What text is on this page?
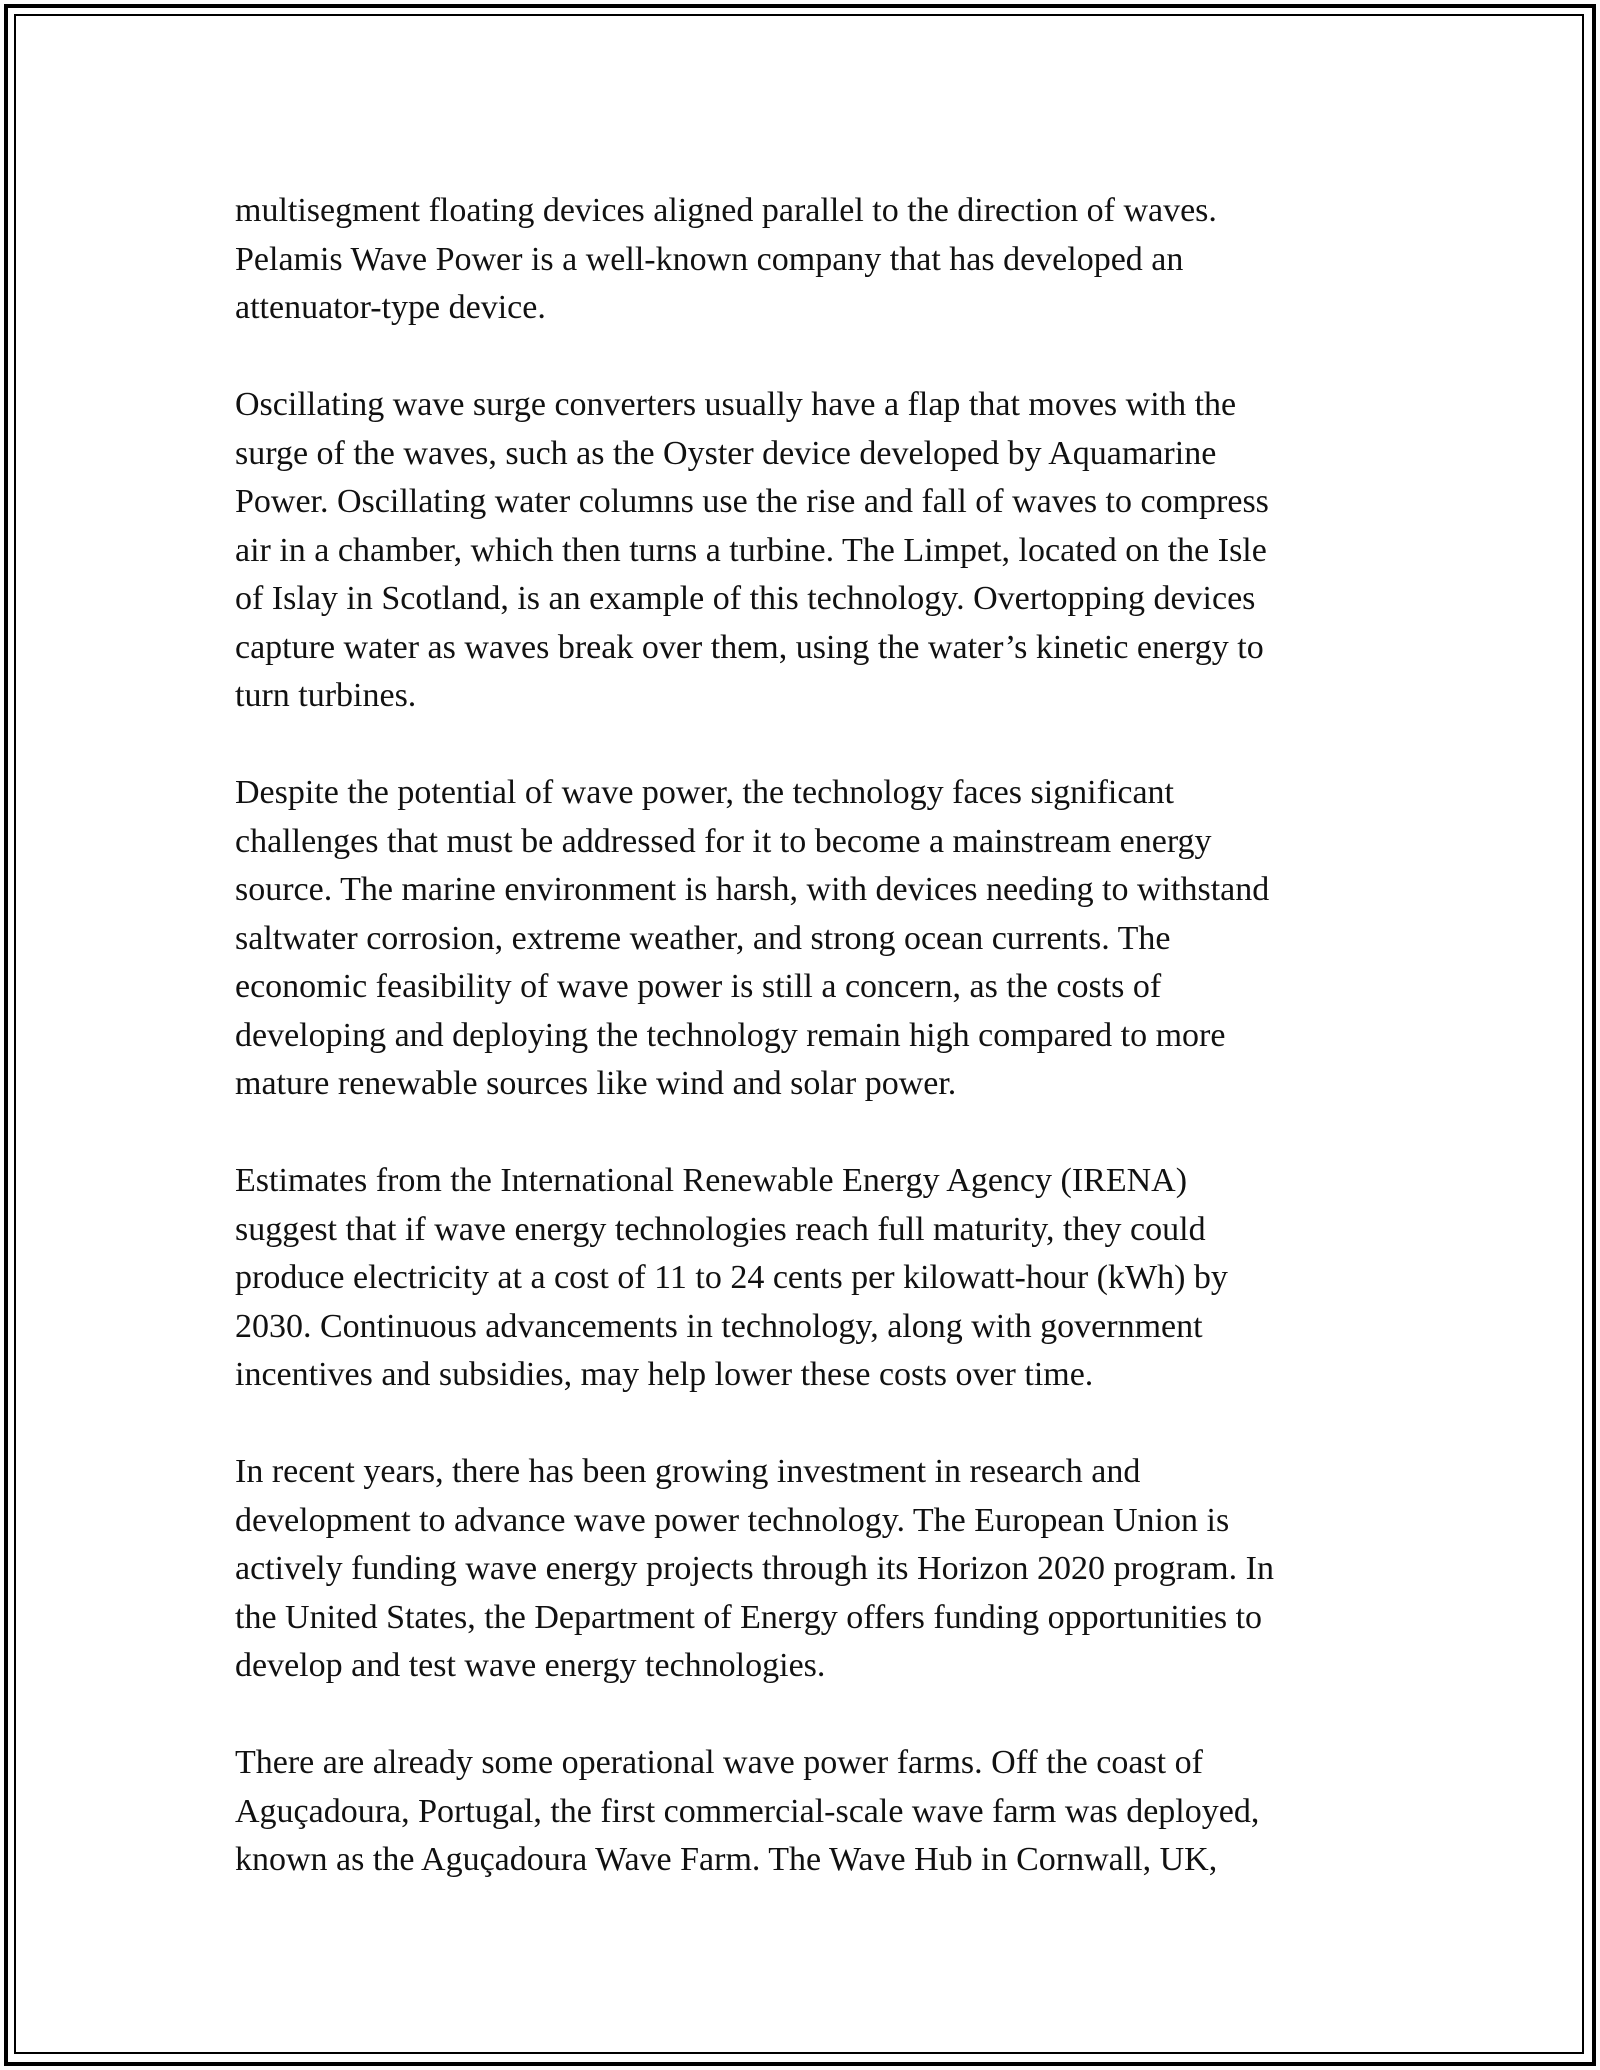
multisegment floating devices aligned parallel to the direction of waves.
Pelamis Wave Power is a well-known company that has developed an
attenuator-type device.

Oscillating wave surge converters usually have a flap that moves with the
surge of the waves, such as the Oyster device developed by Aquamarine
Power. Oscillating water columns use the rise and fall of waves to compress
air in a chamber, which then turns a turbine. The Limpet, located on the Isle
of Islay in Scotland, is an example of this technology. Overtopping devices
capture water as waves break over them, using the water’s kinetic energy to
turn turbines.

Despite the potential of wave power, the technology faces significant
challenges that must be addressed for it to become a mainstream energy
source. The marine environment is harsh, with devices needing to withstand
saltwater corrosion, extreme weather, and strong ocean currents. The
economic feasibility of wave power is still a concern, as the costs of
developing and deploying the technology remain high compared to more
mature renewable sources like wind and solar power.

Estimates from the International Renewable Energy Agency (IRENA)
suggest that if wave energy technologies reach full maturity, they could
produce electricity at a cost of 11 to 24 cents per kilowatt-hour (kWh) by
2030. Continuous advancements in technology, along with government
incentives and subsidies, may help lower these costs over time.

In recent years, there has been growing investment in research and
development to advance wave power technology. The European Union is
actively funding wave energy projects through its Horizon 2020 program. In
the United States, the Department of Energy offers funding opportunities to
develop and test wave energy technologies.

There are already some operational wave power farms. Off the coast of
Aguçadoura, Portugal, the first commercial-scale wave farm was deployed,
known as the Aguçadoura Wave Farm. The Wave Hub in Cornwall, UK,
